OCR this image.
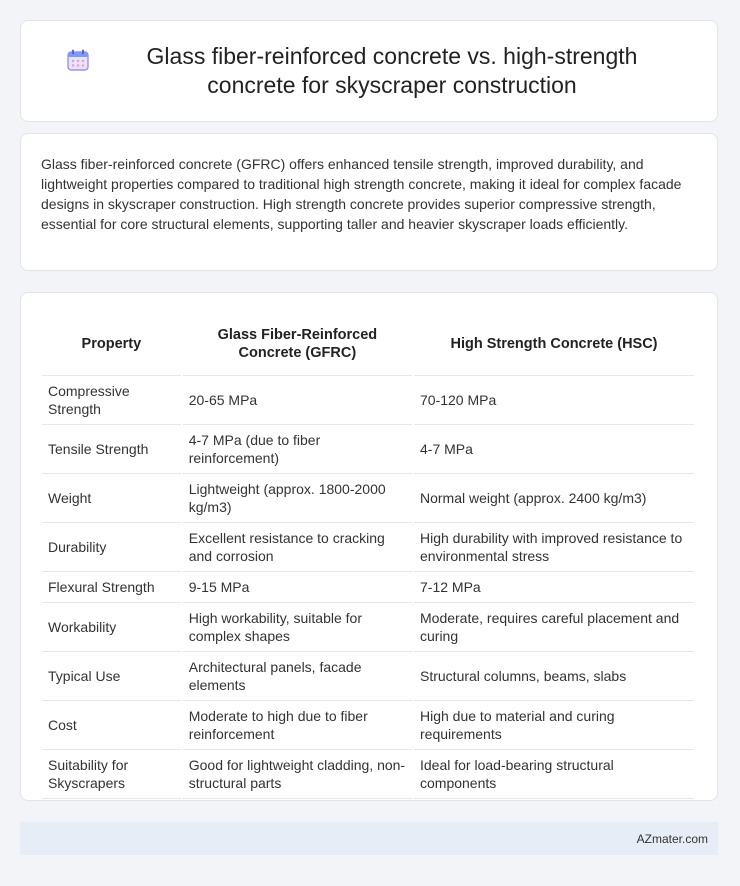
Glass fiber-reinforced concrete vs. high-strength concrete for skyscraper construction

Glass fiber-reinforced concrete (GFRC) offers enhanced tensile strength, improved durability, and lightweight properties compared to traditional high strength concrete, making it ideal for complex facade designs in skyscraper construction. High strength concrete provides superior compressive strength, essential for core structural elements, supporting taller and heavier skyscraper loads efficiently.

Property	Glass Fiber-Reinforced Concrete (GFRC)	High Strength Concrete (HSC)
Compressive Strength	20-65 MPa	70-120 MPa
Tensile Strength	4-7 MPa (due to fiber reinforcement)	4-7 MPa
Weight	Lightweight (approx. 1800-2000 kg/m3)	Normal weight (approx. 2400 kg/m3)
Durability	Excellent resistance to cracking and corrosion	High durability with improved resistance to environmental stress
Flexural Strength	9-15 MPa	7-12 MPa
Workability	High workability, suitable for complex shapes	Moderate, requires careful placement and curing
Typical Use	Architectural panels, facade elements	Structural columns, beams, slabs
Cost	Moderate to high due to fiber reinforcement	High due to material and curing requirements
Suitability for Skyscrapers	Good for lightweight cladding, non-structural parts	Ideal for load-bearing structural components
AZmater.com
